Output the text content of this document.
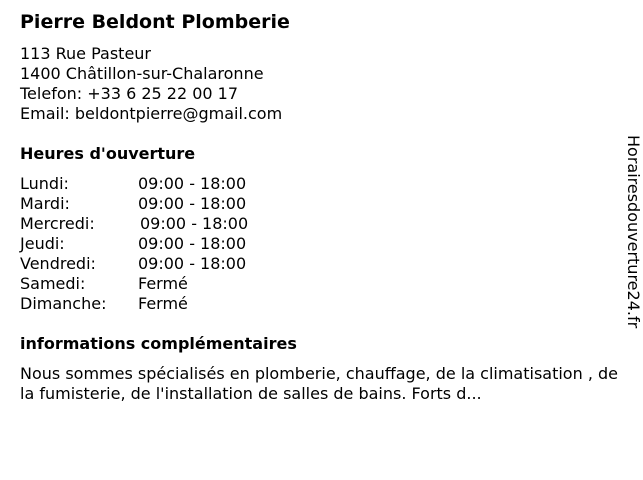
Pierre Beldont Plomberie
113 Rue Pasteur
1400 Châtillon-sur-Chalaronne
Telefon: +33 6 25 22 00 17
Email: beldontpierre@gmail.com
Heures d'ouverture
Lundi:	09:00 - 18:00
Mardi:	09:00 - 18:00
Mercredi:	09:00 - 18:00
Jeudi:	09:00 - 18:00
Vendredi:	09:00 - 18:00
Samedi:	Fermé
Dimanche: Fermé
informations complémentaires
Nous sommes spécialisés en plomberie, chauffage, de la climatisation , de la fumisterie, de l'installation de salles de bains. Forts d...
Horairesdouverture24.fr
